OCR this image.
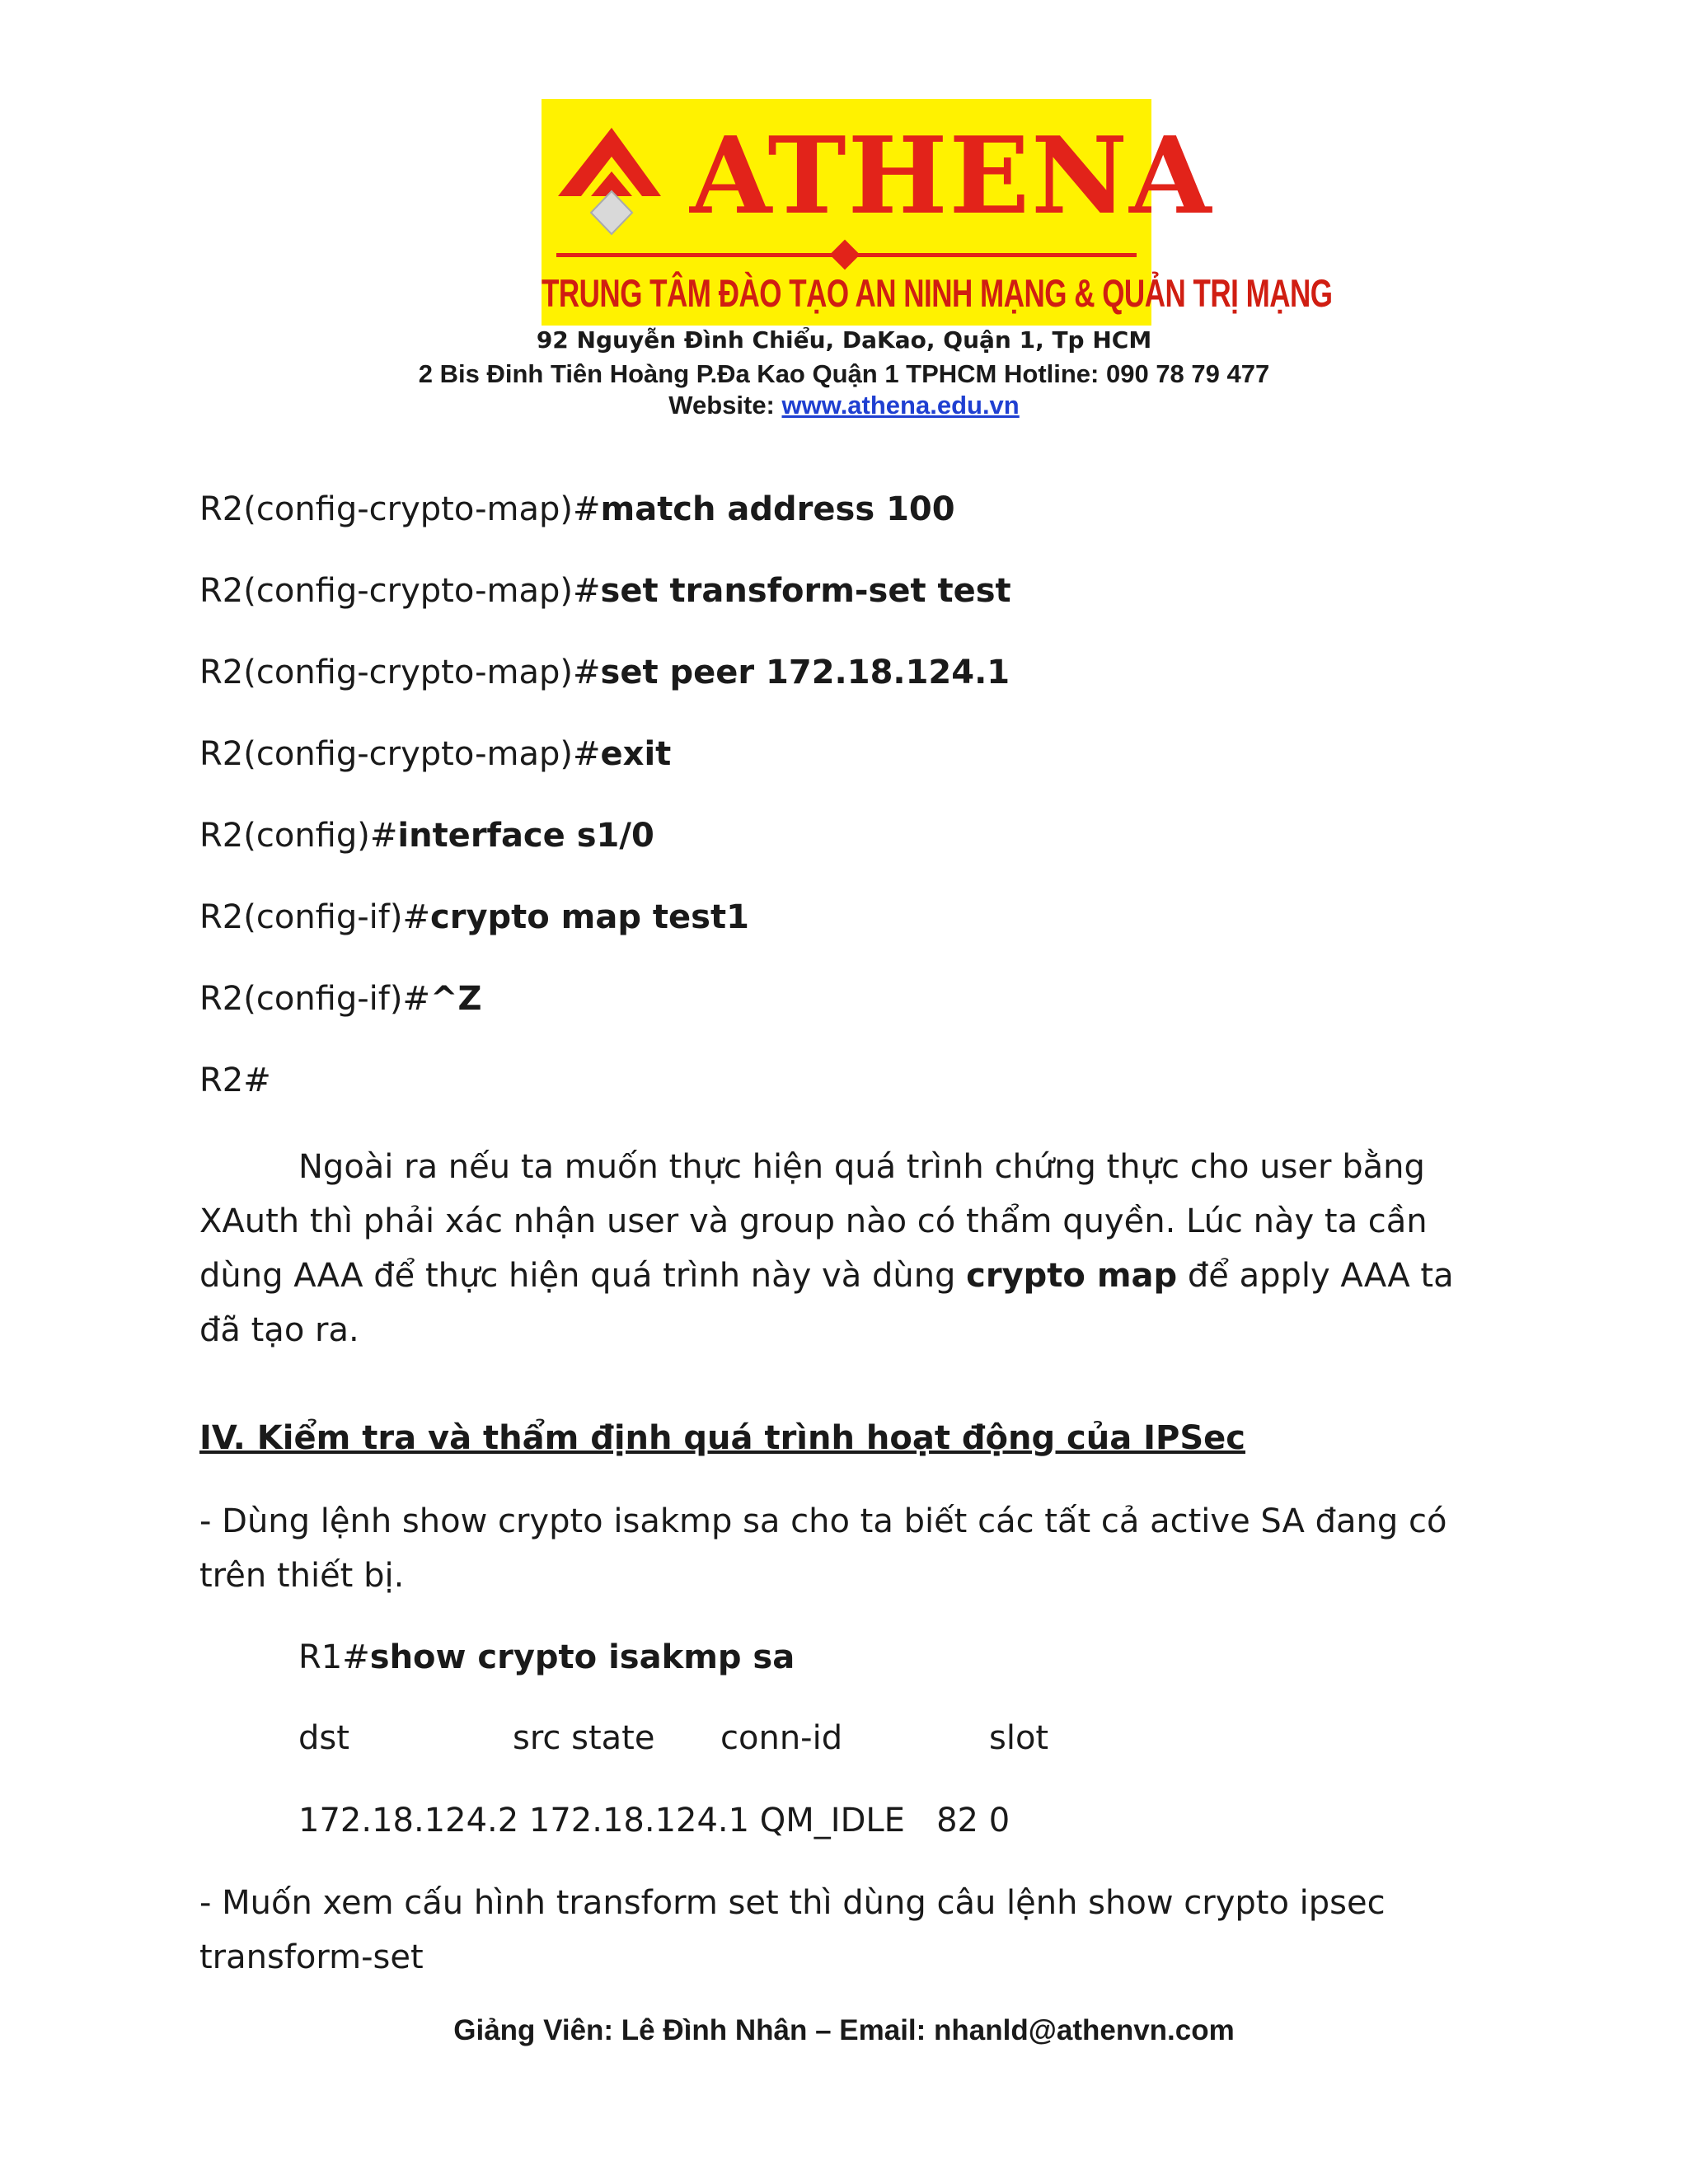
ATHENA
TRUNG TÂM ĐÀO TẠO AN NINH MẠNG & QUẢN TRỊ MẠNG
92 Nguyễn Đình Chiểu, DaKao, Quận 1, Tp HCM
2 Bis Đinh Tiên Hoàng P.Đa Kao Quận 1 TPHCM Hotline: 090 78 79 477
Website: www.athena.edu.vn
R2(config-crypto-map)#match address 100
R2(config-crypto-map)#set transform-set test
R2(config-crypto-map)#set peer 172.18.124.1
R2(config-crypto-map)#exit
R2(config)#interface s1/0
R2(config-if)#crypto map test1
R2(config-if)#^Z
R2#
Ngoài ra nếu ta muốn thực hiện quá trình chứng thực cho user bằng XAuth thì phải xác nhận user và group nào có thẩm quyền. Lúc này ta cần dùng AAA để thực hiện quá trình này và dùng crypto map để apply AAA ta đã tạo ra.
IV. Kiểm tra và thẩm định quá trình hoạt động của IPSec
- Dùng lệnh show crypto isakmp sa cho ta biết các tất cả active SA đang có trên thiết bị.
R1#show crypto isakmp sa
dst	src state conn-id	slot
172.18.124.2 172.18.124.1 QM_IDLE   82 0
- Muốn xem cấu hình transform set thì dùng câu lệnh show crypto ipsec transform-set
Giảng Viên: Lê Đình Nhân – Email: nhanld@athenvn.com
